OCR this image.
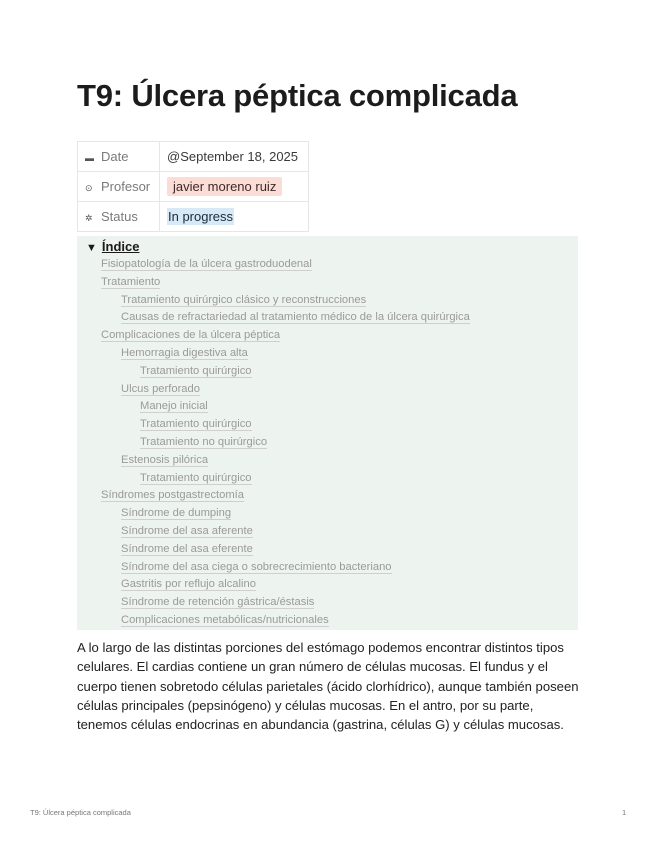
T9: Úlcera péptica complicada
▬ Date	@September 18, 2025
⊙ Profesor	javier moreno ruiz
✲ Status	In progress
▼ Índice
Fisiopatología de la úlcera gastroduodenal
Tratamiento
Tratamiento quirúrgico clásico y reconstrucciones
Causas de refractariedad al tratamiento médico de la úlcera quirúrgica
Complicaciones de la úlcera péptica
Hemorragia digestiva alta
Tratamiento quirúrgico
Ulcus perforado
Manejo inicial
Tratamiento quirúrgico
Tratamiento no quirúrgico
Estenosis pilórica
Tratamiento quirúrgico
Síndromes postgastrectomía
Síndrome de dumping
Síndrome del asa aferente
Síndrome del asa eferente
Síndrome del asa ciega o sobrecrecimiento bacteriano
Gastritis por reflujo alcalino
Síndrome de retención gástrica/éstasis
Complicaciones metabólicas/nutricionales

A lo largo de las distintas porciones del estómago podemos encontrar distintos tipos celulares. El cardias contiene un gran número de células mucosas. El fundus y el cuerpo tienen sobretodo células parietales (ácido clorhídrico), aunque también poseen células principales (pepsinógeno) y células mucosas. En el antro, por su parte, tenemos células endocrinas en abundancia (gastrina, células G) y células mucosas.

T9: Úlcera péptica complicada	1
